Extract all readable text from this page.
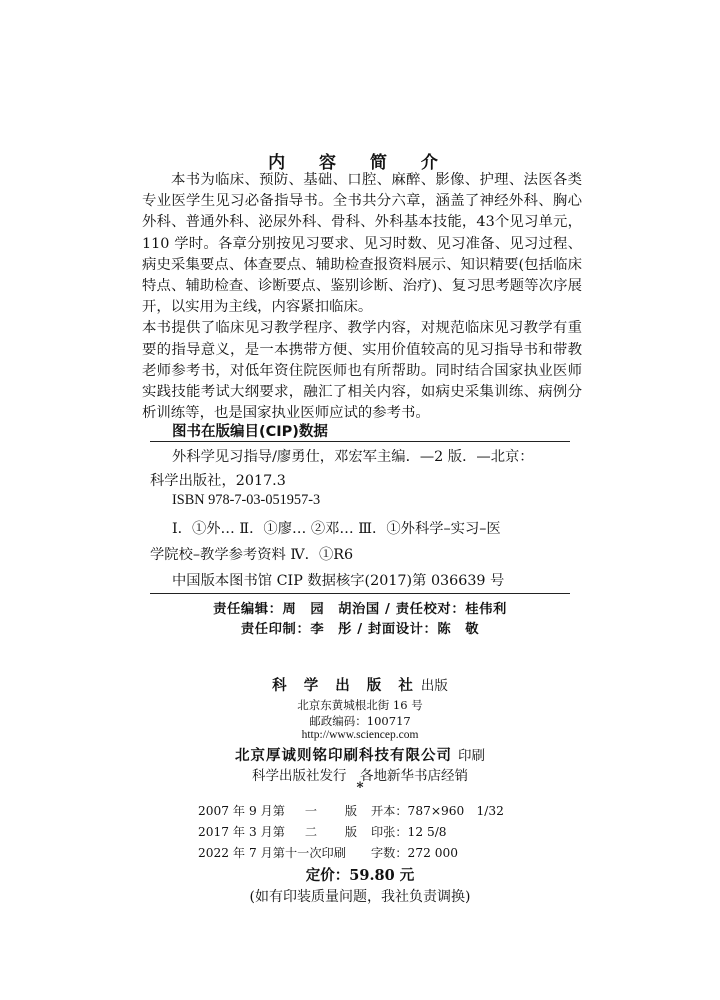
内 容 简 介

本书为临床、预防、基础、口腔、麻醉、影像、护理、法医各类专业医学生见习必备指导书。全书共分六章，涵盖了神经外科、胸心外科、普通外科、泌尿外科、骨科、外科基本技能，43个见习单元，110 学时。各章分别按见习要求、见习时数、见习准备、见习过程、病史采集要点、体查要点、辅助检查报资料展示、知识精要(包括临床特点、辅助检查、诊断要点、鉴别诊断、治疗)、复习思考题等次序展开，以实用为主线，内容紧扣临床。

本书提供了临床见习教学程序、教学内容，对规范临床见习教学有重要的指导意义，是一本携带方便、实用价值较高的见习指导书和带教老师参考书，对低年资住院医师也有所帮助。同时结合国家执业医师实践技能考试大纲要求，融汇了相关内容，如病史采集训练、病例分析训练等，也是国家执业医师应试的参考书。

图书在版编目(CIP)数据
外科学见习指导/廖勇仕，邓宏军主编．—2 版．—北京：
科学出版社，2017.3
ISBN 978-7-03-051957-3
Ⅰ．①外… Ⅱ．①廖… ②邓… Ⅲ．①外科学–实习–医
学院校–教学参考资料 Ⅳ．①R6
中国版本图书馆 CIP 数据核字(2017)第 036639 号
责任编辑：周　园　胡治国 / 责任校对：桂伟利
责任印制：李　彤 / 封面设计：陈　敬
科 学 出 版 社 出版
北京东黄城根北街 16 号
邮政编码：100717
http://www.sciencep.com
北京厚诚则铭印刷科技有限公司 印刷
科学出版社发行　各地新华书店经销
*
2007 年 9 月第 一 版 开本：787×960　1/32
2017 年 3 月第 二 版 印张：12 5/8
2022 年 7 月第十一次印刷 字数：272 000
定价：59.80 元
(如有印装质量问题，我社负责调换)
